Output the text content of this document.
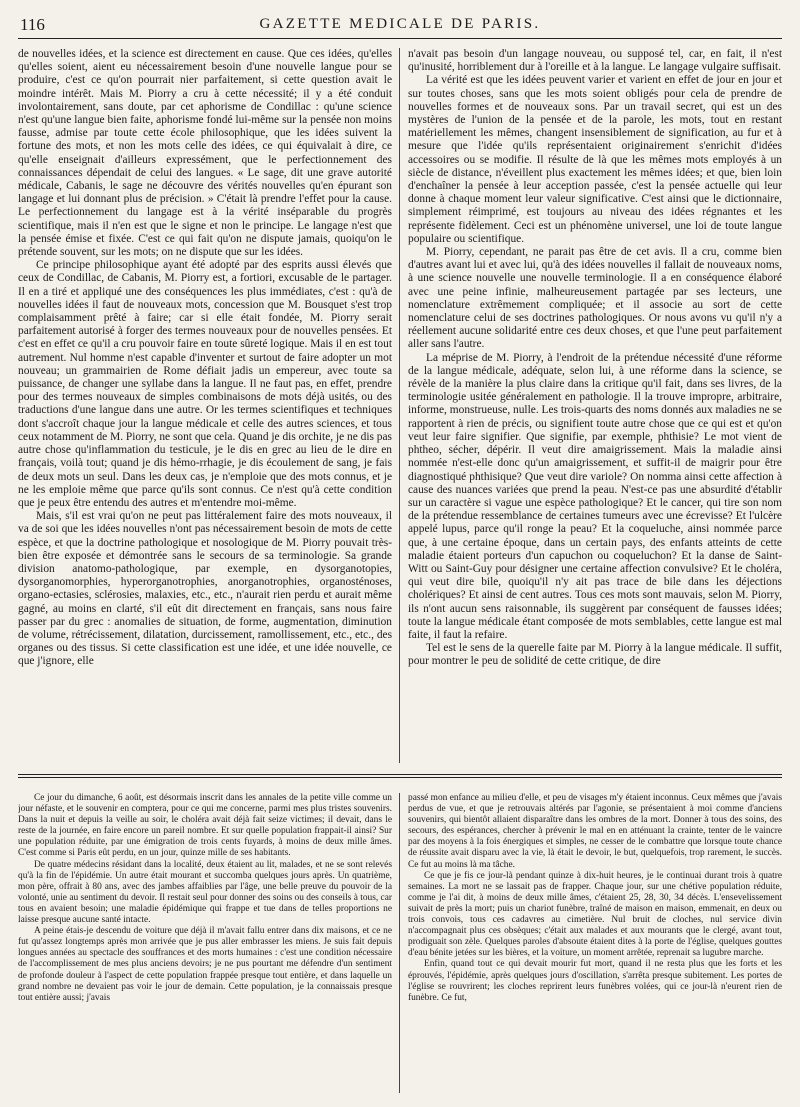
116	GAZETTE MEDICALE DE PARIS.

de nouvelles idées, et la science est directement en cause. Que ces idées, qu'elles qu'elles soient, aient eu nécessairement besoin d'une nouvelle langue pour se produire, c'est ce qu'on pourrait nier parfaitement, si cette question avait le moindre intérêt. Mais M. Piorry a cru à cette nécessité; il y a été conduit involontairement, sans doute, par cet aphorisme de Condillac : qu'une science n'est qu'une langue bien faite, aphorisme fondé lui-même sur la pensée non moins fausse, admise par toute cette école philosophique, que les idées suivent la fortune des mots, et non les mots celle des idées, ce qui équivalait à dire, ce qu'elle enseignait d'ailleurs expressément, que le perfectionnement des connaissances dépendait de celui des langues. « Le sage, dit une grave autorité médicale, Cabanis, le sage ne découvre des vérités nouvelles qu'en épurant son langage et lui donnant plus de précision. » C'était là prendre l'effet pour la cause. Le perfectionnement du langage est à la vérité inséparable du progrès scientifique, mais il n'en est que le signe et non le principe. Le langage n'est que la pensée émise et fixée. C'est ce qui fait qu'on ne dispute jamais, quoiqu'on le prétende souvent, sur les mots; on ne dispute que sur les idées.

Ce principe philosophique ayant été adopté par des esprits aussi élevés que ceux de Condillac, de Cabanis, M. Piorry est, a fortiori, excusable de le partager. Il en a tiré et appliqué une des conséquences les plus immédiates, c'est : qu'à de nouvelles idées il faut de nouveaux mots, concession que M. Bousquet s'est trop complaisamment prêté à faire; car si elle était fondée, M. Piorry serait parfaitement autorisé à forger des termes nouveaux pour de nouvelles pensées. Et c'est en effet ce qu'il a cru pouvoir faire en toute sûreté logique. Mais il en est tout autrement. Nul homme n'est capable d'inventer et surtout de faire adopter un mot nouveau; un grammairien de Rome défiait jadis un empereur, avec toute sa puissance, de changer une syllabe dans la langue. Il ne faut pas, en effet, prendre pour des termes nouveaux de simples combinaisons de mots déjà usités, ou des traductions d'une langue dans une autre. Or les termes scientifiques et techniques dont s'accroît chaque jour la langue médicale et celle des autres sciences, et tous ceux notamment de M. Piorry, ne sont que cela. Quand je dis orchite, je ne dis pas autre chose qu'inflammation du testicule, je le dis en grec au lieu de le dire en français, voilà tout; quand je dis hémo-rrhagie, je dis écoulement de sang, je fais de deux mots un seul. Dans les deux cas, je n'emploie que des mots connus, et je ne les emploie même que parce qu'ils sont connus. Ce n'est qu'à cette condition que je peux être entendu des autres et m'entendre moi-même.

Mais, s'il est vrai qu'on ne peut pas littéralement faire des mots nouveaux, il va de soi que les idées nouvelles n'ont pas nécessairement besoin de mots de cette espèce, et que la doctrine pathologique et nosologique de M. Piorry pouvait très-bien être exposée et démontrée sans le secours de sa terminologie. Sa grande division anatomo-pathologique, par exemple, en dysorganotopies, dysorganomorphies, hyperorganotrophies, anorganotrophies, organosténoses, organo-ectasies, sclérosies, malaxies, etc., etc., n'aurait rien perdu et aurait même gagné, au moins en clarté, s'il eût dit directement en français, sans nous faire passer par du grec : anomalies de situation, de forme, augmentation, diminution de volume, rétrécissement, dilatation, durcissement, ramollissement, etc., etc., des organes ou des tissus. Si cette classification est une idée, et une idée nouvelle, ce que j'ignore, elle

n'avait pas besoin d'un langage nouveau, ou supposé tel, car, en fait, il n'est qu'inusité, horriblement dur à l'oreille et à la langue. Le langage vulgaire suffisait.

La vérité est que les idées peuvent varier et varient en effet de jour en jour et sur toutes choses, sans que les mots soient obligés pour cela de prendre de nouvelles formes et de nouveaux sons. Par un travail secret, qui est un des mystères de l'union de la pensée et de la parole, les mots, tout en restant matériellement les mêmes, changent insensiblement de signification, au fur et à mesure que l'idée qu'ils représentaient originairement s'enrichit d'idées accessoires ou se modifie. Il résulte de là que les mêmes mots employés à un siècle de distance, n'éveillent plus exactement les mêmes idées; et que, bien loin d'enchaîner la pensée à leur acception passée, c'est la pensée actuelle qui leur donne à chaque moment leur valeur significative. C'est ainsi que le dictionnaire, simplement réimprimé, est toujours au niveau des idées régnantes et les représente fidèlement. Ceci est un phénomène universel, une loi de toute langue populaire ou scientifique.

M. Piorry, cependant, ne parait pas être de cet avis. Il a cru, comme bien d'autres avant lui et avec lui, qu'à des idées nouvelles il fallait de nouveaux noms, à une science nouvelle une nouvelle terminologie. Il a en conséquence élaboré avec une peine infinie, malheureusement partagée par ses lecteurs, une nomenclature extrêmement compliquée; et il associe au sort de cette nomenclature celui de ses doctrines pathologiques. Or nous avons vu qu'il n'y a réellement aucune solidarité entre ces deux choses, et que l'une peut parfaitement aller sans l'autre.

La méprise de M. Piorry, à l'endroit de la prétendue nécessité d'une réforme de la langue médicale, adéquate, selon lui, à une réforme dans la science, se révèle de la manière la plus claire dans la critique qu'il fait, dans ses livres, de la terminologie usitée généralement en pathologie. Il la trouve impropre, arbitraire, informe, monstrueuse, nulle. Les trois-quarts des noms donnés aux maladies ne se rapportent à rien de précis, ou signifient toute autre chose que ce qui est et qu'on veut leur faire signifier. Que signifie, par exemple, phthisie? Le mot vient de phtheo, sécher, dépérir. Il veut dire amaigrissement. Mais la maladie ainsi nommée n'est-elle donc qu'un amaigrissement, et suffit-il de maigrir pour être diagnostiqué phthisique? Que veut dire variole? On nomma ainsi cette affection à cause des nuances variées que prend la peau. N'est-ce pas une absurdité d'établir sur un caractère si vague une espèce pathologique? Et le cancer, qui tire son nom de la prétendue ressemblance de certaines tumeurs avec une écrevisse? Et l'ulcère appelé lupus, parce qu'il ronge la peau? Et la coqueluche, ainsi nommée parce que, à une certaine époque, dans un certain pays, des enfants atteints de cette maladie étaient porteurs d'un capuchon ou coqueluchon? Et la danse de Saint-Witt ou Saint-Guy pour désigner une certaine affection convulsive? Et le choléra, qui veut dire bile, quoiqu'il n'y ait pas trace de bile dans les déjections cholériques? Et ainsi de cent autres. Tous ces mots sont mauvais, selon M. Piorry, ils n'ont aucun sens raisonnable, ils suggèrent par conséquent de fausses idées; toute la langue médicale étant composée de mots semblables, cette langue est mal faite, il faut la refaire.

Tel est le sens de la querelle faite par M. Piorry à la langue médicale. Il suffit, pour montrer le peu de solidité de cette critique, de dire

Ce jour du dimanche, 6 août, est désormais inscrit dans les annales de la petite ville comme un jour néfaste, et le souvenir en comptera, pour ce qui me concerne, parmi mes plus tristes souvenirs. Dans la nuit et depuis la veille au soir, le choléra avait déjà fait seize victimes; il devait, dans le reste de la journée, en faire encore un pareil nombre. Et sur quelle population frappait-il ainsi? Sur une population réduite, par une émigration de trois cents fuyards, à moins de deux mille âmes. C'est comme si Paris eût perdu, en un jour, quinze mille de ses habitants.

De quatre médecins résidant dans la localité, deux étaient au lit, malades, et ne se sont relevés qu'à la fin de l'épidémie. Un autre était mourant et succomba quelques jours après. Un quatrième, mon père, offrait à 80 ans, avec des jambes affaiblies par l'âge, une belle preuve du pouvoir de la volonté, unie au sentiment du devoir. Il restait seul pour donner des soins ou des conseils à tous, car tous en avaient besoin; une maladie épidémique qui frappe et tue dans de telles proportions ne laisse presque aucune santé intacte.

A peine étais-je descendu de voiture que déjà il m'avait fallu entrer dans dix maisons, et ce ne fut qu'assez longtemps après mon arrivée que je pus aller embrasser les miens. Je suis fait depuis longues années au spectacle des souffrances et des morts humaines : c'est une condition nécessaire de l'accomplissement de mes plus anciens devoirs; je ne pus pourtant me défendre d'un sentiment de profonde douleur à l'aspect de cette population frappée presque tout entière, et dans laquelle un grand nombre ne devaient pas voir le jour de demain. Cette population, je la connaissais presque tout entière aussi; j'avais

passé mon enfance au milieu d'elle, et peu de visages m'y étaient inconnus. Ceux mêmes que j'avais perdus de vue, et que je retrouvais altérés par l'agonie, se présentaient à moi comme d'anciens souvenirs, qui bientôt allaient disparaître dans les ombres de la mort. Donner à tous des soins, des secours, des espérances, chercher à prévenir le mal en en atténuant la crainte, tenter de le vaincre par des moyens à la fois énergiques et simples, ne cesser de le combattre que lorsque toute chance de réussite avait disparu avec la vie, là était le devoir, le but, quelquefois, trop rarement, le succès. Ce fut au moins là ma tâche.

Ce que je fis ce jour-là pendant quinze à dix-huit heures, je le continuai durant trois à quatre semaines. La mort ne se lassait pas de frapper. Chaque jour, sur une chétive population réduite, comme je l'ai dit, à moins de deux mille âmes, c'étaient 25, 28, 30, 34 décès. L'ensevelissement suivait de près la mort; puis un chariot funèbre, traîné de maison en maison, emmenait, en deux ou trois convois, tous ces cadavres au cimetière. Nul bruit de cloches, nul service divin n'accompagnait plus ces obsèques; c'était aux malades et aux mourants que le clergé, avant tout, prodiguait son zèle. Quelques paroles d'absoute étaient dites à la porte de l'église, quelques gouttes d'eau bénite jetées sur les bières, et la voiture, un moment arrêtée, reprenait sa lugubre marche.

Enfin, quand tout ce qui devait mourir fut mort, quand il ne resta plus que les forts et les éprouvés, l'épidémie, après quelques jours d'oscillation, s'arrêta presque subitement. Les portes de l'église se rouvrirent; les cloches reprirent leurs funèbres volées, qui ce jour-là n'eurent rien de funèbre. Ce fut,
